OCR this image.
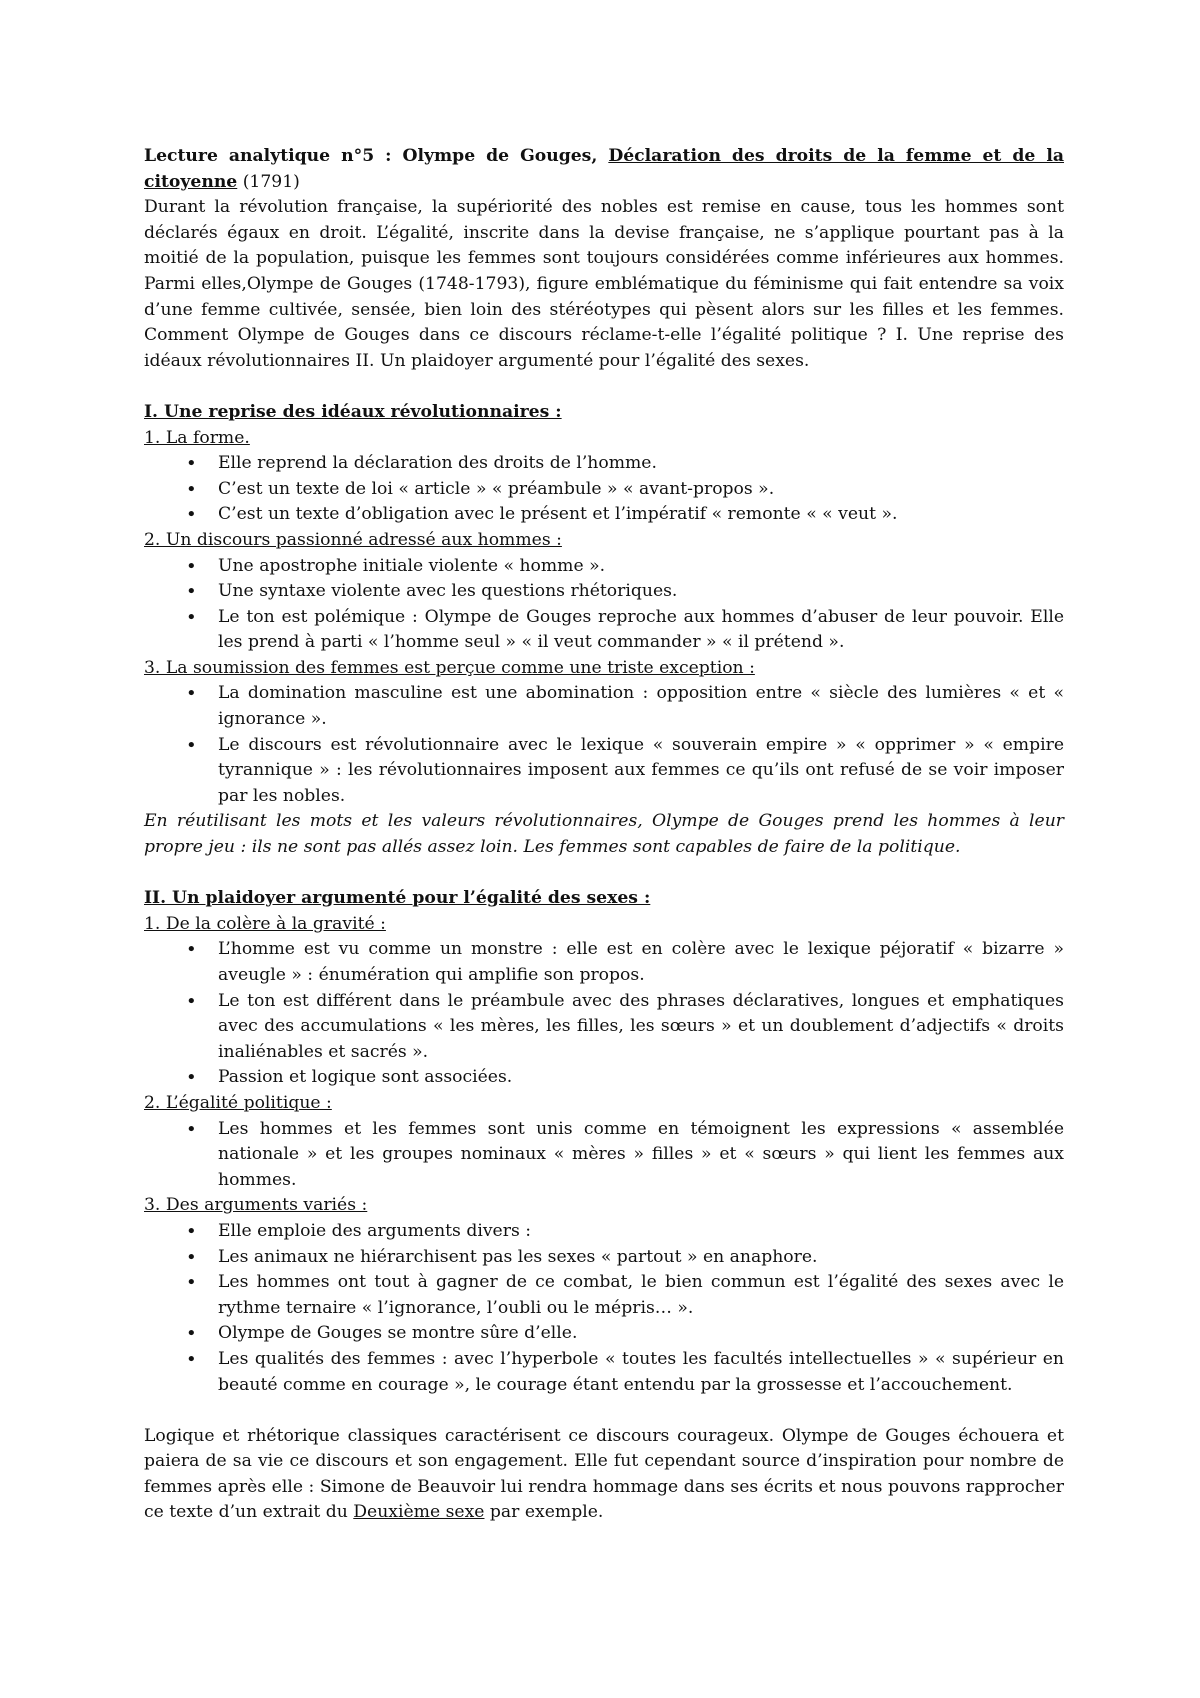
Lecture analytique n°5 : Olympe de Gouges, Déclaration des droits de la femme et de la
citoyenne (1791)
Durant la révolution française, la supériorité des nobles est remise en cause, tous les hommes sont déclarés égaux en droit. L’égalité, inscrite dans la devise française, ne s’applique pourtant pas à la moitié de la population, puisque les femmes sont toujours considérées comme inférieures aux hommes. Parmi elles,Olympe de Gouges (1748-1793), figure emblématique du féminisme qui fait entendre sa voix d’une femme cultivée, sensée, bien loin des stéréotypes qui pèsent alors sur les filles et les femmes. Comment Olympe de Gouges dans ce discours réclame-t-elle l’égalité politique ? I. Une reprise des idéaux révolutionnaires II. Un plaidoyer argumenté pour l’égalité des sexes.
I. Une reprise des idéaux révolutionnaires :
1. La forme.
• Elle reprend la déclaration des droits de l’homme.
• C’est un texte de loi « article » « préambule » « avant-propos ».
• C’est un texte d’obligation avec le présent et l’impératif « remonte « « veut ».
2. Un discours passionné adressé aux hommes :
• Une apostrophe initiale violente « homme ».
• Une syntaxe violente avec les questions rhétoriques.
• Le ton est polémique : Olympe de Gouges reproche aux hommes d’abuser de leur pouvoir. Elle les prend à parti « l’homme seul » « il veut commander » « il prétend ».
3. La soumission des femmes est perçue comme une triste exception :
• La domination masculine est une abomination : opposition entre « siècle des lumières « et « ignorance ».
• Le discours est révolutionnaire avec le lexique « souverain empire » « opprimer » « empire tyrannique » : les révolutionnaires imposent aux femmes ce qu’ils ont refusé de se voir imposer par les nobles.
En réutilisant les mots et les valeurs révolutionnaires, Olympe de Gouges prend les hommes à leur propre jeu : ils ne sont pas allés assez loin. Les femmes sont capables de faire de la politique.
II. Un plaidoyer argumenté pour l’égalité des sexes :
1. De la colère à la gravité :
• L’homme est vu comme un monstre : elle est en colère avec le lexique péjoratif « bizarre » aveugle » : énumération qui amplifie son propos.
• Le ton est différent dans le préambule avec des phrases déclaratives, longues et emphatiques avec des accumulations « les mères, les filles, les sœurs » et un doublement d’adjectifs « droits inaliénables et sacrés ».
• Passion et logique sont associées.
2. L’égalité politique :
• Les hommes et les femmes sont unis comme en témoignent les expressions « assemblée nationale » et les groupes nominaux « mères » filles » et « sœurs » qui lient les femmes aux hommes.
3. Des arguments variés :
• Elle emploie des arguments divers :
• Les animaux ne hiérarchisent pas les sexes « partout » en anaphore.
• Les hommes ont tout à gagner de ce combat, le bien commun est l’égalité des sexes avec le rythme ternaire « l’ignorance, l’oubli ou le mépris… ».
• Olympe de Gouges se montre sûre d’elle.
• Les qualités des femmes : avec l’hyperbole « toutes les facultés intellectuelles » « supérieur en beauté comme en courage », le courage étant entendu par la grossesse et l’accouchement.
Logique et rhétorique classiques caractérisent ce discours courageux. Olympe de Gouges échouera et paiera de sa vie ce discours et son engagement. Elle fut cependant source d’inspiration pour nombre de femmes après elle : Simone de Beauvoir lui rendra hommage dans ses écrits et nous pouvons rapprocher ce texte d’un extrait du Deuxième sexe par exemple.
